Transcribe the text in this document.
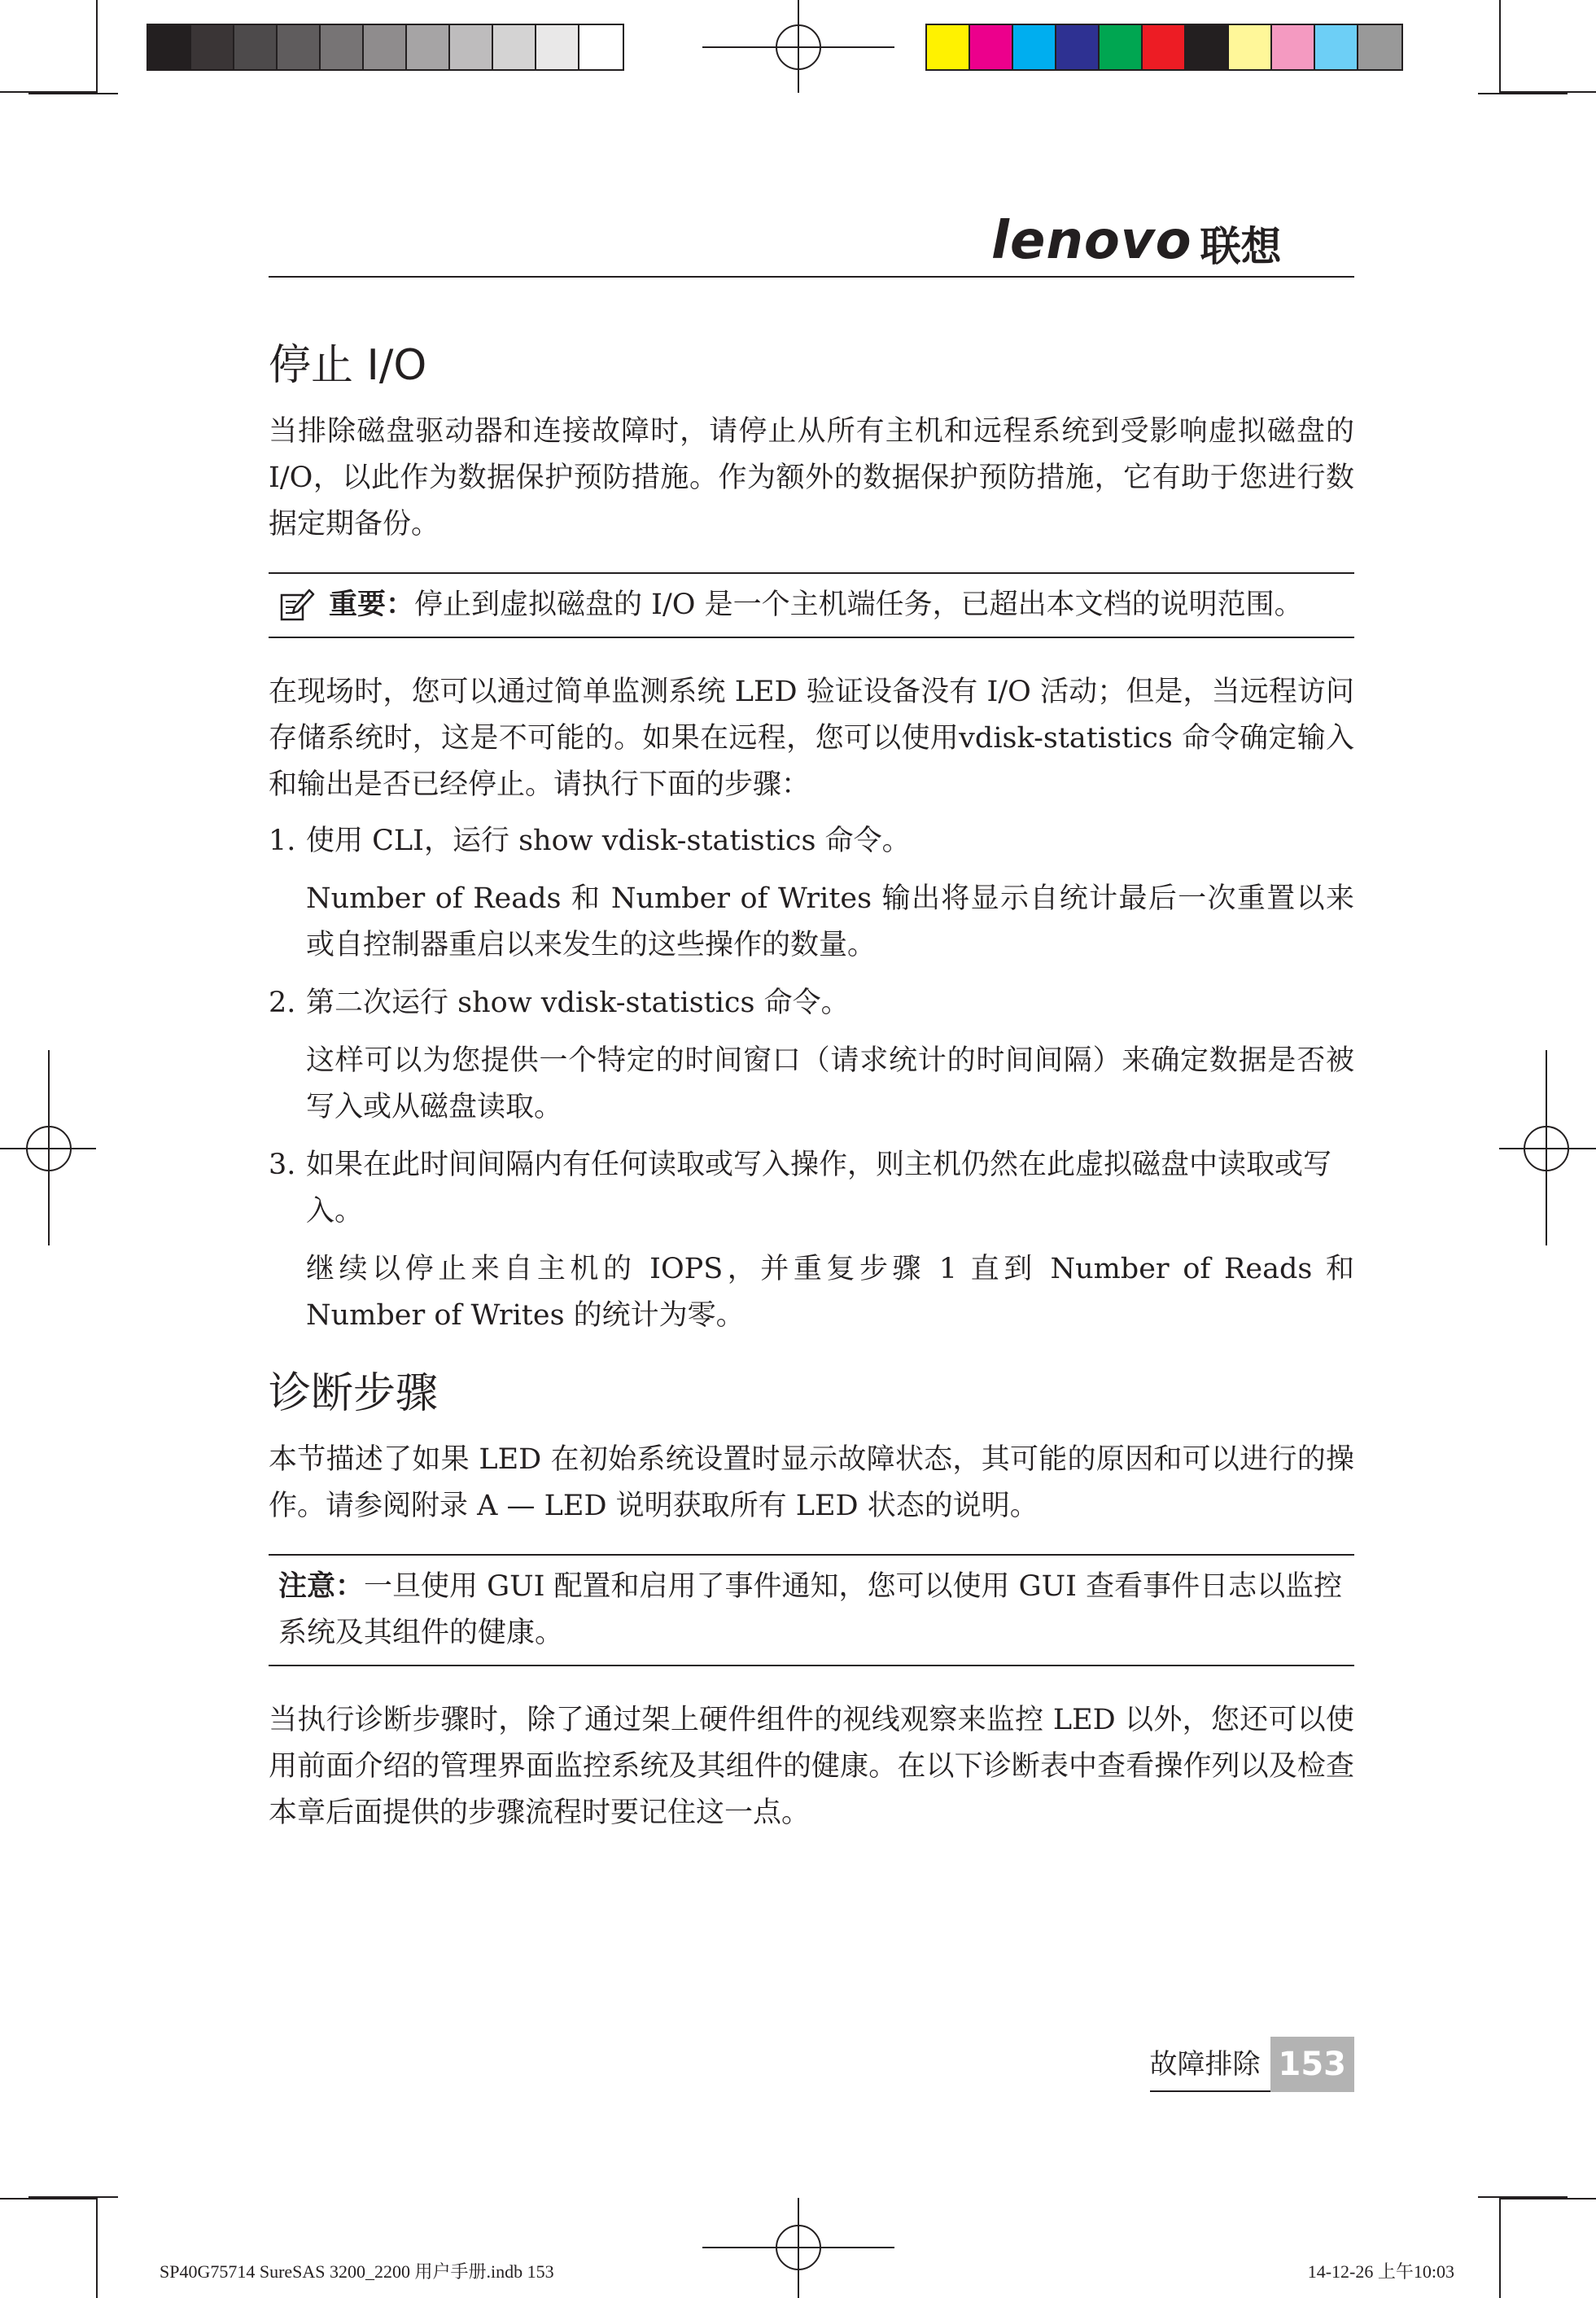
lenovo 联想
停止 I/O

当排除磁盘驱动器和连接故障时，请停止从所有主机和远程系统到受影响虚拟磁盘的 I/O，以此作为数据保护预防措施。作为额外的数据保护预防措施，它有助于您进行数据定期备份。

重要：停止到虚拟磁盘的 I/O 是一个主机端任务，已超出本文档的说明范围。

在现场时，您可以通过简单监测系统 LED 验证设备没有 I/O 活动；但是，当远程访问存储系统时，这是不可能的。如果在远程，您可以使用vdisk-statistics 命令确定输入和输出是否已经停止。请执行下面的步骤：

1. 使用 CLI，运行 show vdisk-statistics 命令。
Number of Reads 和 Number of Writes 输出将显示自统计最后一次重置以来或自控制器重启以来发生的这些操作的数量。
2. 第二次运行 show vdisk-statistics 命令。
这样可以为您提供一个特定的时间窗口（请求统计的时间间隔）来确定数据是否被写入或从磁盘读取。
3. 如果在此时间间隔内有任何读取或写入操作，则主机仍然在此虚拟磁盘中读取或写入。
继续以停止来自主机的 IOPS，并重复步骤 1 直到 Number of Reads 和 Number of Writes 的统计为零。
诊断步骤

本节描述了如果 LED 在初始系统设置时显示故障状态，其可能的原因和可以进行的操作。请参阅附录 A — LED 说明获取所有 LED 状态的说明。

注意：一旦使用 GUI 配置和启用了事件通知，您可以使用 GUI 查看事件日志以监控系统及其组件的健康。

当执行诊断步骤时，除了通过架上硬件组件的视线观察来监控 LED 以外，您还可以使用前面介绍的管理界面监控系统及其组件的健康。在以下诊断表中查看操作列以及检查本章后面提供的步骤流程时要记住这一点。

故障排除 153
SP40G75714 SureSAS 3200_2200 用户手册.indb 153	14-12-26 上午10:03
